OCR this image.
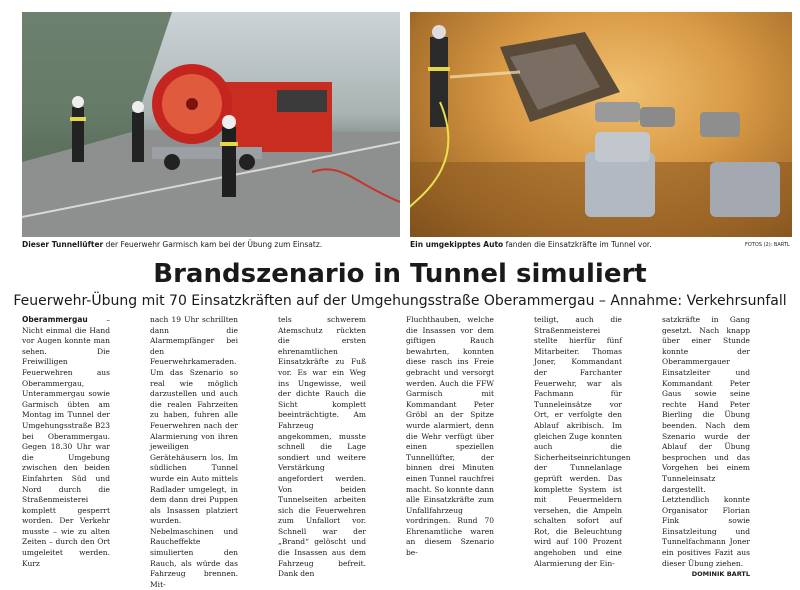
Dieser Tunnellüfter der Feuerwehr Garmisch kam bei der Übung zum Einsatz.	Ein umgekipptes Auto fanden die Einsatzkräfte im Tunnel vor.	FOTOS (2): BARTL
Brandszenario in Tunnel simuliert
Feuerwehr-Übung mit 70 Einsatzkräften auf der Umgehungsstraße Oberammergau – Annahme: Verkehrsunfall

Oberammergau – Nicht einmal die Hand vor Augen konnte man sehen. Die Freiwilligen Feuerwehren aus Oberammergau, Unterammergau sowie Garmisch übten am Montag im Tunnel der Umgehungsstraße B23 bei Oberammergau. Gegen 18.30 Uhr war die Umgebung zwischen den beiden Einfahrten Süd und Nord durch die Straßenmeisterei komplett gesperrt worden. Der Verkehr musste – wie zu alten Zeiten – durch den Ort umgeleitet werden. Kurz

nach 19 Uhr schrillten dann die Alarmempfänger bei den Feuerwehrkameraden. Um das Szenario so real wie möglich darzustellen und auch die realen Fahrzeiten zu haben, fuhren alle Feuerwehren nach der Alarmierung von ihren jeweiligen Gerätehäusern los. Im südlichen Tunnel wurde ein Auto mittels Radlader umgelegt, in dem dann drei Puppen als Insassen platziert wurden. Nebelmaschinen und Raucheffekte simulierten den Rauch, als würde das Fahrzeug brennen. Mit-

tels schwerem Atemschutz rückten die ersten ehrenamtlichen Einsatzkräfte zu Fuß vor. Es war ein Weg ins Ungewisse, weil der dichte Rauch die Sicht komplett beeinträchtigte. Am Fahrzeug angekommen, musste schnell die Lage sondiert und weitere Verstärkung angefordert werden. Von beiden Tunnelseiten arbeiten sich die Feuerwehren zum Unfallort vor. Schnell war der „Brand“ gelöscht und die Insassen aus dem Fahrzeug befreit. Dank den

Fluchthauben, welche die Insassen vor dem giftigen Rauch bewahrten, konnten diese rasch ins Freie gebracht und versorgt werden. Auch die FFW Garmisch mit Kommandant Peter Gröbl an der Spitze wurde alarmiert, denn die Wehr verfügt über einen speziellen Tunnellüfter, der binnen drei Minuten einen Tunnel rauchfrei macht. So konnte dann alle Einsatzkräfte zum Unfallfahrzeug vordringen. Rund 70 Ehrenamtliche waren an diesem Szenario be-

teiligt, auch die Straßenmeisterei stellte hierfür fünf Mitarbeiter. Thomas Joner, Kommandant der Farchanter Feuerwehr, war als Fachmann für Tunneleinsätze vor Ort, er verfolgte den Ablauf akribisch. Im gleichen Zuge konnten auch die Sicherheitseinrichtungen der Tunnelanlage geprüft werden. Das komplette System ist mit Feuermeldern versehen, die Ampeln schalten sofort auf Rot, die Beleuchtung wird auf 100 Prozent angehoben und eine Alarmierung der Ein-

satzkräfte in Gang gesetzt. Nach knapp über einer Stunde konnte der Oberammergauer Einsatzleiter und Kommandant Peter Gaus sowie seine rechte Hand Peter Bierling die Übung beenden. Nach dem Szenario wurde der Ablauf der Übung besprochen und das Vorgehen bei einem Tunneleinsatz dargestellt. Letztendlich konnte Organisator Florian Fink sowie Einsatzleitung und Tunnelfachmann Joner ein positives Fazit aus dieser Übung ziehen.

DOMINIK BARTL
